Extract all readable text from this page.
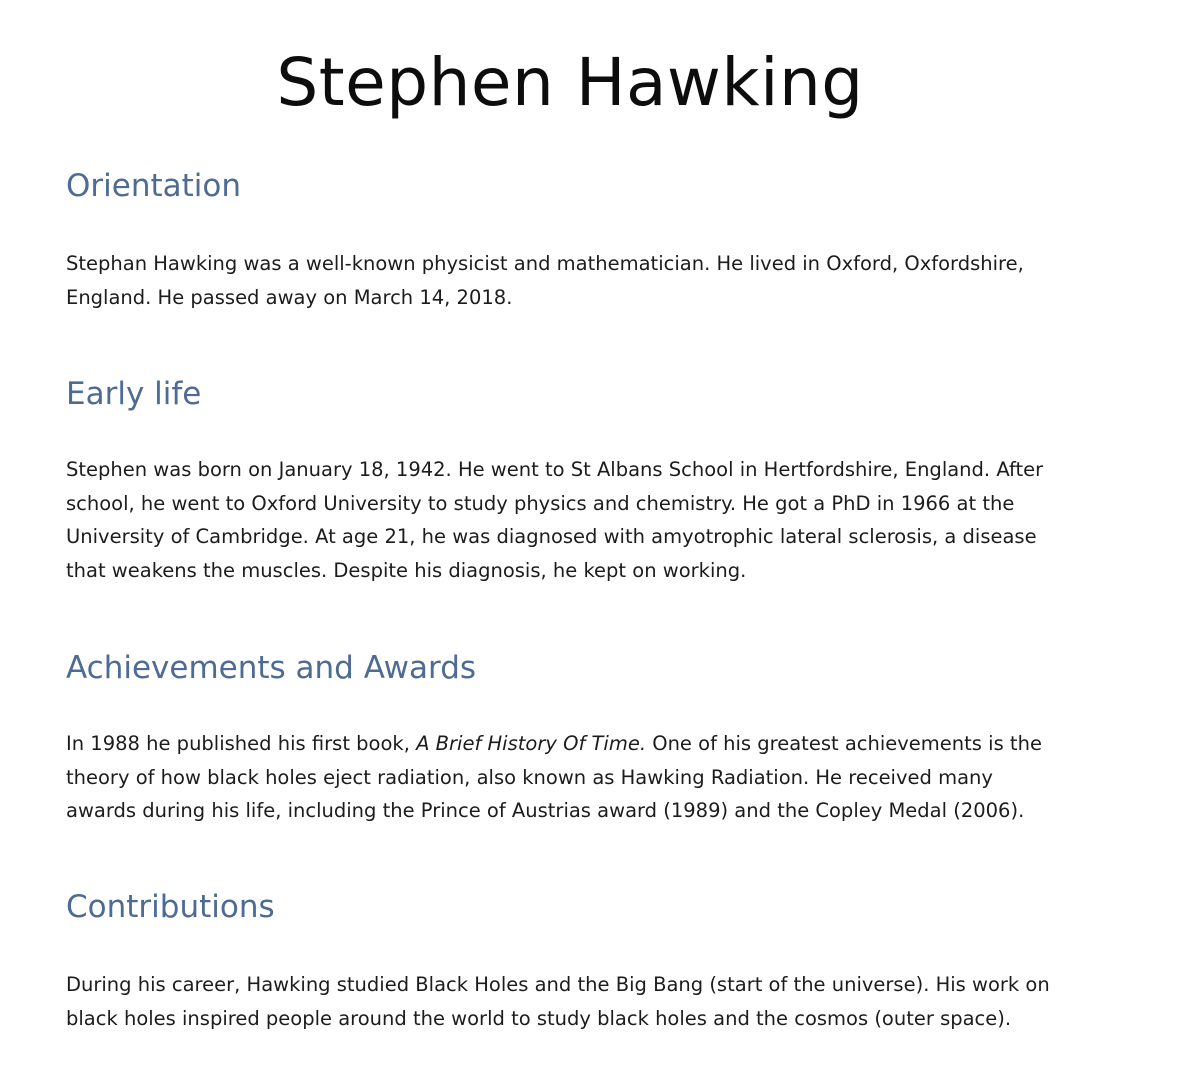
Stephen Hawking
Orientation

Stephan Hawking was a well-known physicist and mathematician. He lived in Oxford, Oxfordshire,
England. He passed away on March 14, 2018.

Early life

Stephen was born on January 18, 1942. He went to St Albans School in Hertfordshire, England. After
school, he went to Oxford University to study physics and chemistry. He got a PhD in 1966 at the
University of Cambridge. At age 21, he was diagnosed with amyotrophic lateral sclerosis, a disease
that weakens the muscles. Despite his diagnosis, he kept on working.

Achievements and Awards

In 1988 he published his first book, A Brief History Of Time. One of his greatest achievements is the
theory of how black holes eject radiation, also known as Hawking Radiation. He received many
awards during his life, including the Prince of Austrias award (1989) and the Copley Medal (2006).

Contributions

During his career, Hawking studied Black Holes and the Big Bang (start of the universe). His work on
black holes inspired people around the world to study black holes and the cosmos (outer space).
